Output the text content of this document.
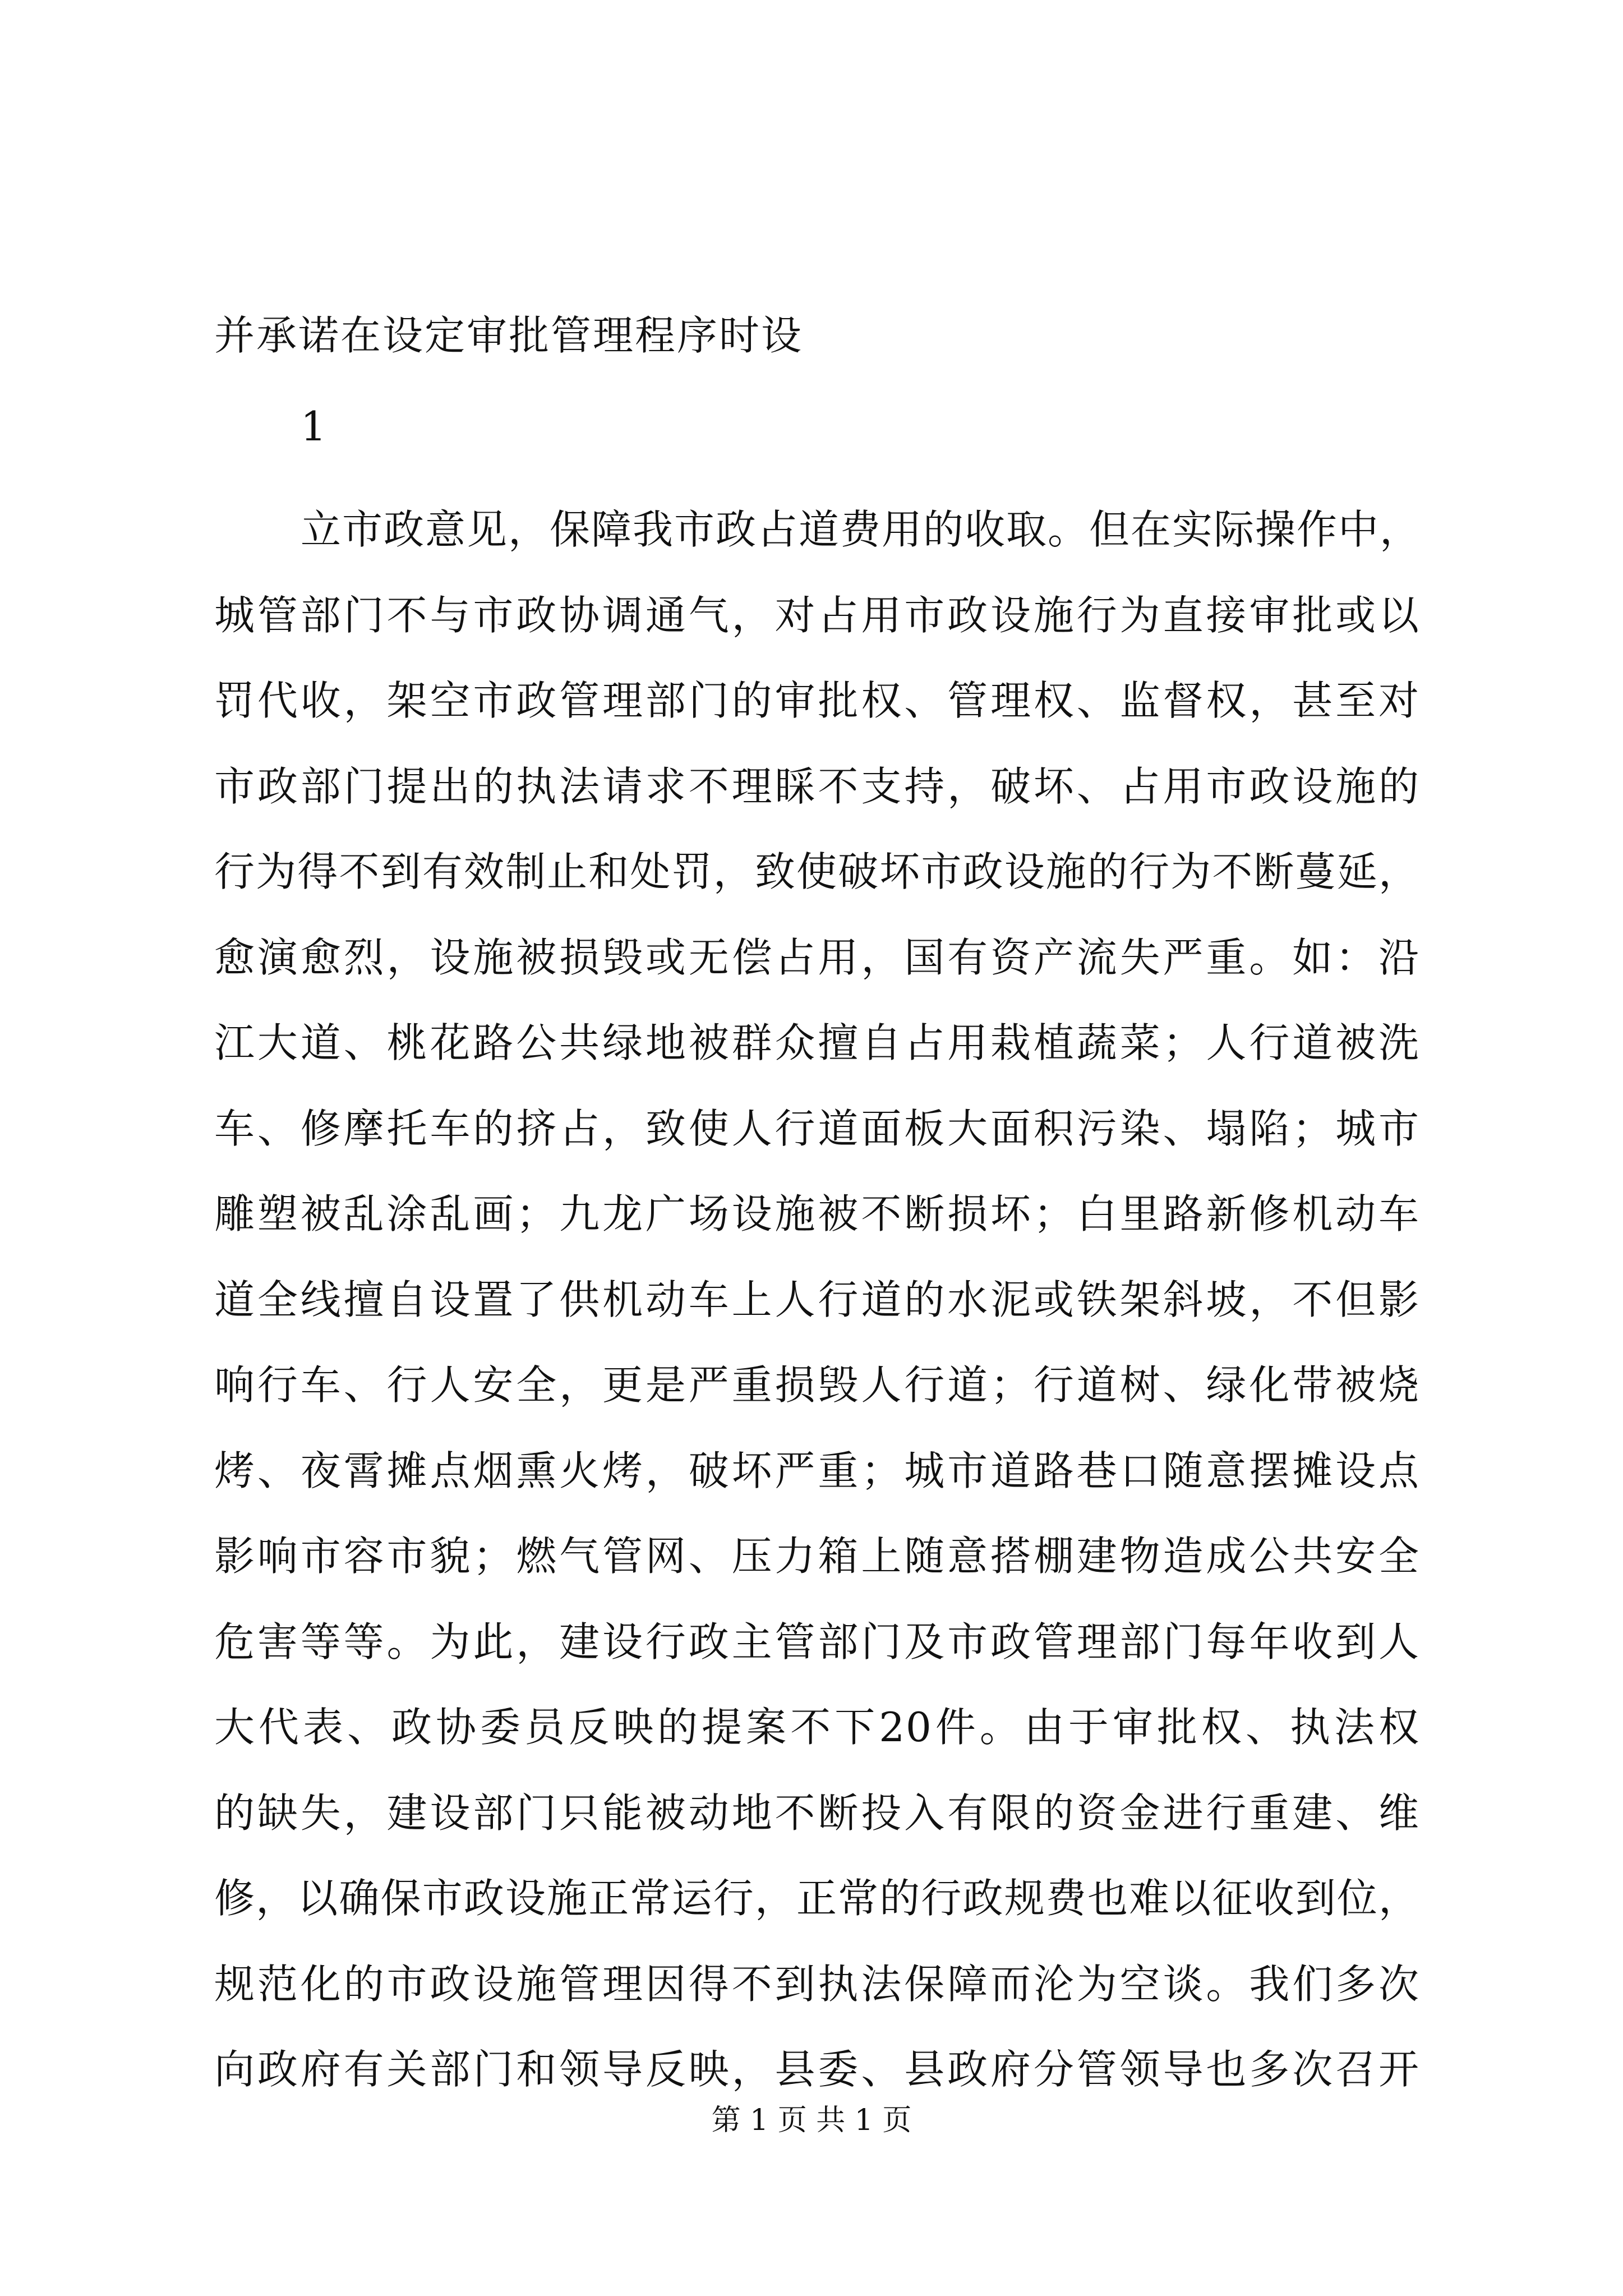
并承诺在设定审批管理程序时设
1
立市政意见，保障我市政占道费用的收取。但在实际操作中，
城管部门不与市政协调通气，对占用市政设施行为直接审批或以
罚代收，架空市政管理部门的审批权、管理权、监督权，甚至对
市政部门提出的执法请求不理睬不支持，破坏、占用市政设施的
行为得不到有效制止和处罚，致使破坏市政设施的行为不断蔓延，
愈演愈烈，设施被损毁或无偿占用，国有资产流失严重。如：沿
江大道、桃花路公共绿地被群众擅自占用栽植蔬菜；人行道被洗
车、修摩托车的挤占，致使人行道面板大面积污染、塌陷；城市
雕塑被乱涂乱画；九龙广场设施被不断损坏；白里路新修机动车
道全线擅自设置了供机动车上人行道的水泥或铁架斜坡，不但影
响行车、行人安全，更是严重损毁人行道；行道树、绿化带被烧
烤、夜霄摊点烟熏火烤，破坏严重；城市道路巷口随意摆摊设点
影响市容市貌；燃气管网、压力箱上随意搭棚建物造成公共安全
危害等等。为此，建设行政主管部门及市政管理部门每年收到人
大代表、政协委员反映的提案不下20件。由于审批权、执法权
的缺失，建设部门只能被动地不断投入有限的资金进行重建、维
修，以确保市政设施正常运行，正常的行政规费也难以征收到位，
规范化的市政设施管理因得不到执法保障而沦为空谈。我们多次
向政府有关部门和领导反映，县委、县政府分管领导也多次召开
第 1 页 共 1 页
